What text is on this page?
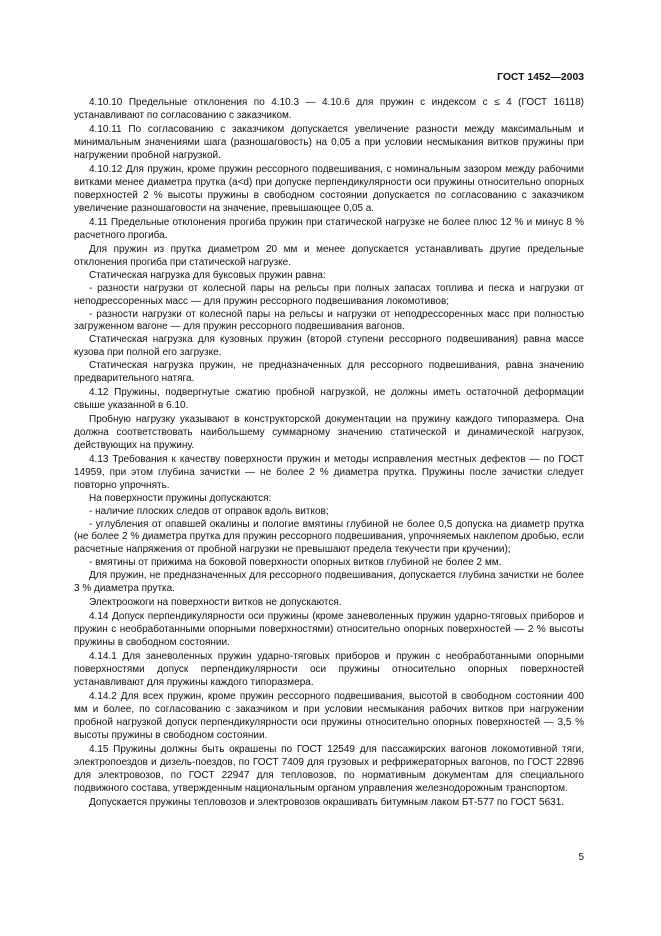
ГОСТ 1452—2003

4.10.10 Предельные отклонения по 4.10.3 — 4.10.6 для пружин с индексом c ≤ 4 (ГОСТ 16118) устанавливают по согласованию с заказчиком.

4.10.11 По согласованию с заказчиком допускается увеличение разности между максимальным и минимальным значениями шага (разношаговость) на 0,05 a при условии несмыкания витков пружины при нагружении пробной нагрузкой.

4.10.12 Для пружин, кроме пружин рессорного подвешивания, с номинальным зазором между рабочими витками менее диаметра прутка (a<d) при допуске перпендикулярности оси пружины относительно опорных поверхностей 2 % высоты пружины в свободном состоянии допускается по согласованию с заказчиком увеличение разношаговости на значение, превышающее 0,05 a.

4.11 Предельные отклонения прогиба пружин при статической нагрузке не более плюс 12 % и минус 8 % расчетного прогиба.

Для пружин из прутка диаметром 20 мм и менее допускается устанавливать другие предельные отклонения прогиба при статической нагрузке.

Статическая нагрузка для буксовых пружин равна:

- разности нагрузки от колесной пары на рельсы при полных запасах топлива и песка и нагрузки от неподрессоренных масс — для пружин рессорного подвешивания локомотивов;

- разности нагрузки от колесной пары на рельсы и нагрузки от неподрессоренных масс при полностью загруженном вагоне — для пружин рессорного подвешивания вагонов.

Статическая нагрузка для кузовных пружин (второй ступени рессорного подвешивания) равна массе кузова при полной его загрузке.

Статическая нагрузка пружин, не предназначенных для рессорного подвешивания, равна значению предварительного натяга.

4.12 Пружины, подвергнутые сжатию пробной нагрузкой, не должны иметь остаточной деформации свыше указанной в 6.10.

Пробную нагрузку указывают в конструкторской документации на пружину каждого типоразмера. Она должна соответствовать наибольшему суммарному значению статической и динамической нагрузок, действующих на пружину.

4.13 Требования к качеству поверхности пружин и методы исправления местных дефектов — по ГОСТ 14959, при этом глубина зачистки — не более 2 % диаметра прутка. Пружины после зачистки следует повторно упрочнять.

На поверхности пружины допускаются:

- наличие плоских следов от оправок вдоль витков;

- углубления от опавшей окалины и пологие вмятины глубиной не более 0,5 допуска на диаметр прутка (не более 2 % диаметра прутка для пружин рессорного подвешивания, упрочняемых наклепом дробью, если расчетные напряжения от пробной нагрузки не превышают предела текучести при кручении);

- вмятины от прижима на боковой поверхности опорных витков глубиной не более 2 мм.

Для пружин, не предназначенных для рессорного подвешивания, допускается глубина зачистки не более 3 % диаметра прутка.

Электроожоги на поверхности витков не допускаются.

4.14 Допуск перпендикулярности оси пружины (кроме заневоленных пружин ударно-тяговых приборов и пружин с необработанными опорными поверхностями) относительно опорных поверхностей — 2 % высоты пружины в свободном состоянии.

4.14.1 Для заневоленных пружин ударно-тяговых приборов и пружин с необработанными опорными поверхностями допуск перпендикулярности оси пружины относительно опорных поверхностей устанавливают для пружины каждого типоразмера.

4.14.2 Для всех пружин, кроме пружин рессорного подвешивания, высотой в свободном состоянии 400 мм и более, по согласованию с заказчиком и при условии несмыкания рабочих витков при нагружении пробной нагрузкой допуск перпендикулярности оси пружины относительно опорных поверхностей — 3,5 % высоты пружины в свободном состоянии.

4.15 Пружины должны быть окрашены по ГОСТ 12549 для пассажирских вагонов локомотивной тяги, электропоездов и дизель-поездов, по ГОСТ 7409 для грузовых и рефрижераторных вагонов, по ГОСТ 22896 для электровозов, по ГОСТ 22947 для тепловозов, по нормативным документам для специального подвижного состава, утвержденным национальным органом управления железнодорожным транспортом.

Допускается пружины тепловозов и электровозов окрашивать битумным лаком БТ-577 по ГОСТ 5631.

5
